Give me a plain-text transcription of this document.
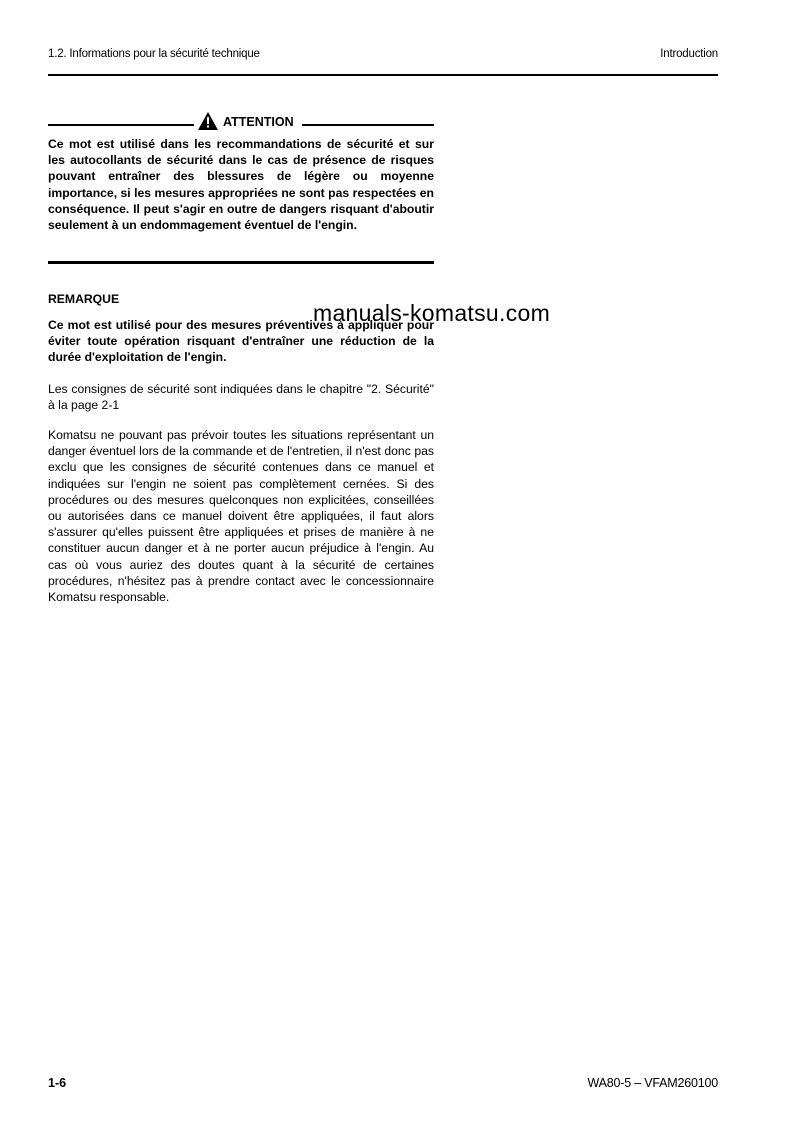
1.2. Informations pour la sécurité technique	Introduction
ATTENTION
Ce mot est utilisé dans les recommandations de sécurité et sur les autocollants de sécurité dans le cas de présence de risques pouvant entraîner des blessures de légère ou moyenne importance, si les mesures appropriées ne sont pas respectées en conséquence. Il peut s'agir en outre de dangers risquant d'aboutir seulement à un endommagement éventuel de l'engin.
REMARQUE
Ce mot est utilisé pour des mesures préventives à appliquer pour éviter toute opération risquant d'entraîner une réduction de la durée d'exploitation de l'engin.
Les consignes de sécurité sont indiquées dans le chapitre "2. Sécurité" à la page 2-1
Komatsu ne pouvant pas prévoir toutes les situations représentant un danger éventuel lors de la commande et de l'entretien, il n'est donc pas exclu que les consignes de sécurité contenues dans ce manuel et indiquées sur l'engin ne soient pas complètement cernées. Si des procédures ou des mesures quelconques non explicitées, conseillées ou autorisées dans ce manuel doivent être appliquées, il faut alors s'assurer qu'elles puissent être appliquées et prises de manière à ne constituer aucun danger et à ne porter aucun préjudice à l'engin. Au cas où vous auriez des doutes quant à la sécurité de certaines procédures, n'hésitez pas à prendre contact avec le concessionnaire Komatsu responsable.
manuals-komatsu.com
1-6	WA80-5 – VFAM260100
